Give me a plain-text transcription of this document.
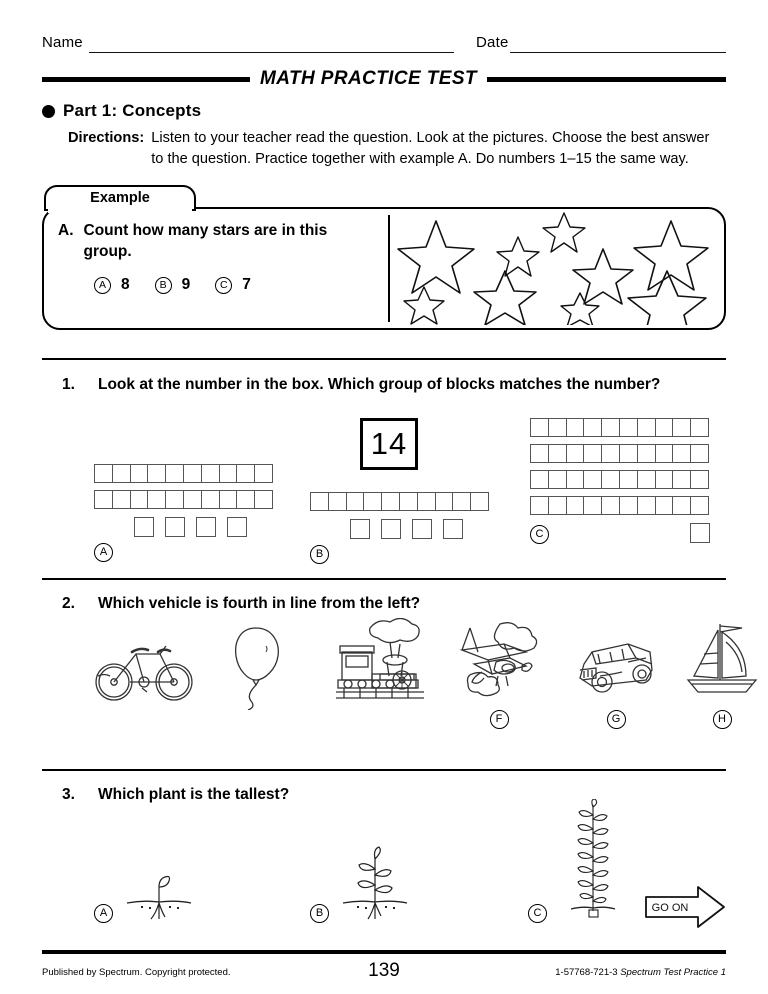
Name	Date
MATH PRACTICE TEST
Part 1: Concepts
Directions: Listen to your teacher read the question. Look at the pictures. Choose the best answer to the question. Practice together with example A. Do numbers 1–15 the same way.
Example
A. Count how many stars are in this group.
A 8	B 9	C 7
1.	Look at the number in the box. Which group of blocks matches the number?
14
A	B
C
2.	Which vehicle is fourth in line from the left?
F	G	H
3.	Which plant is the tallest?
A	B	C	GO ON
Published by Spectrum. Copyright protected.	139	1-57768-721-3 Spectrum Test Practice 1
